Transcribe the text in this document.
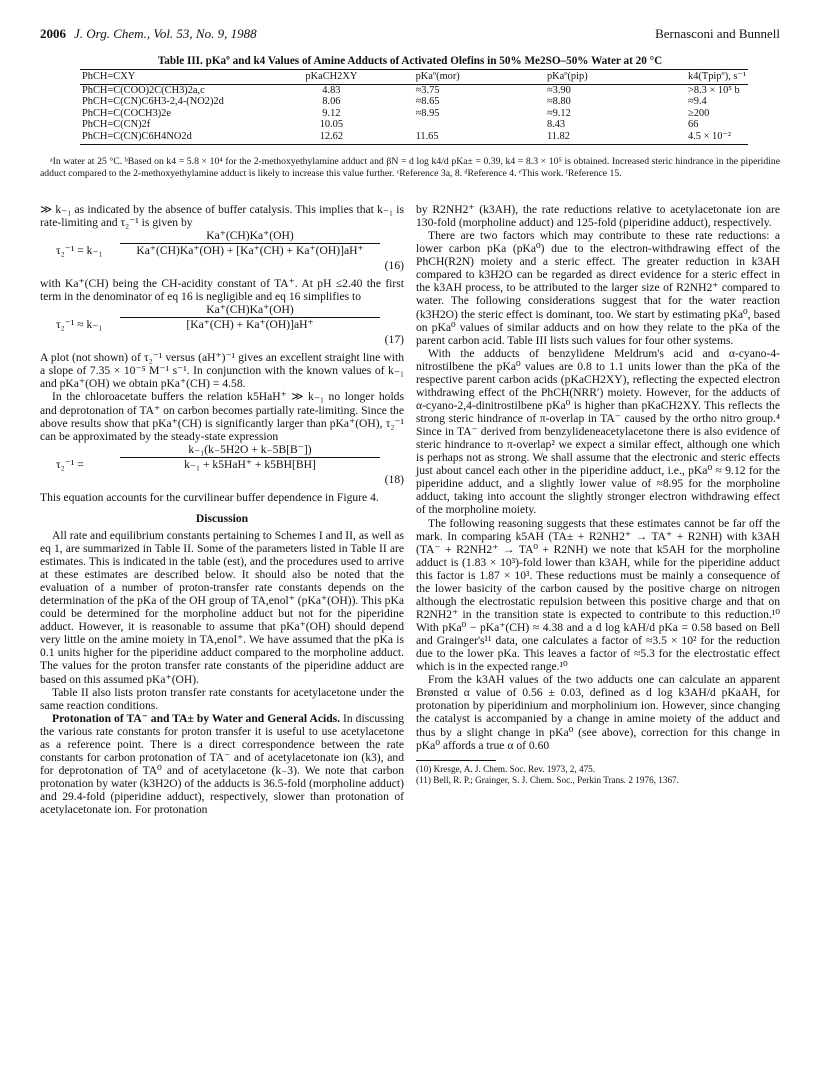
2006 J. Org. Chem., Vol. 53, No. 9, 1988	Bernasconi and Bunnell
Table III. pKaº and k4 Values of Amine Adducts of Activated Olefins in 50% Me2SO–50% Water at 20 °C
PhCH=CXY	pKaCH2XY	pKaº(mor)	pKaº(pip)	k4(Tpipº), s⁻¹
PhCH=C(COO)2C(CH3)2a,c	4.83	≈3.75	≈3.90	>8.3 × 10⁵ b
PhCH=C(CN)C6H3-2,4-(NO2)2d	8.06	≈8.65	≈8.80	≈9.4
PhCH=C(COCH3)2e	9.12	≈8.95	≈9.12	≥200
PhCH=C(CN)2f	10.05		8.43	66
PhCH=C(CN)C6H4NO2d	12.62	11.65	11.82	4.5 × 10⁻²
ᵃIn water at 25 °C. ᵇBased on k4 = 5.8 × 10⁴ for the 2-methoxyethylamine adduct and βN = d log k4/d pKa± = 0.39, k4 = 8.3 × 10⁵ is obtained. Increased steric hindrance in the piperidine adduct compared to the 2-methoxyethylamine adduct is likely to increase this value further. ᶜReference 3a, 8. ᵈReference 4. ᵉThis work. ᶠReference 15.

≫ k₋₁ as indicated by the absence of buffer catalysis. This implies that k₋₁ is rate-limiting and τ₂⁻¹ is given by

$\tau_2^{-1} = k_{-1} \frac{Ka^+(CH)Ka^+(OH)}{Ka^+(CH)Ka^+(OH) + [Ka^+(CH) + Ka^+(OH)]aH^+}$
(16)

with Ka⁺(CH) being the CH-acidity constant of TA⁺. At pH ≤2.40 the first term in the denominator of eq 16 is negligible and eq 16 simplifies to

$\tau_2^{-1} \approx k_{-1} \frac{Ka^+(CH)Ka^+(OH)}{[Ka^+(CH) + Ka^+(OH)]aH^+}$
(17)

A plot (not shown) of τ₂⁻¹ versus (aH⁺)⁻¹ gives an excellent straight line with a slope of 7.35 × 10⁻⁵ M⁻¹ s⁻¹. In conjunction with the known values of k₋₁ and pKa⁺(OH) we obtain pKa⁺(CH) = 4.58.

In the chloroacetate buffers the relation k5HaH⁺ ≫ k₋₁ no longer holds and deprotonation of TA⁺ on carbon becomes partially rate-limiting. Since the above results show that pKa⁺(CH) is significantly larger than pKa⁺(OH), τ₂⁻¹ can be approximated by the steady-state expression

τ₂⁻¹ =
k₋₁(k₋5H2O + k₋5B[B⁻])
k₋₁ + k5HaH⁺ + k5BH[BH]
(18)

This equation accounts for the curvilinear buffer dependence in Figure 4.

Discussion

All rate and equilibrium constants pertaining to Schemes I and II, as well as eq 1, are summarized in Table II. Some of the parameters listed in Table II are estimates. This is indicated in the table (est), and the procedures used to arrive at these estimates are described below. It should also be noted that the evaluation of a number of proton-transfer rate constants depends on the determination of the pKa of the OH group of TA,enol⁺ (pKa⁺(OH)). This pKa could be determined for the morpholine adduct but not for the piperidine adduct. However, it is reasonable to assume that pKa⁺(OH) should depend very little on the amine moiety in TA,enol⁺. We have assumed that the pKa is 0.1 units higher for the piperidine adduct compared to the morpholine adduct. The values for the proton transfer rate constants of the piperidine adduct are based on this assumed pKa⁺(OH).

Table II also lists proton transfer rate constants for acetylacetone under the same reaction conditions.

Protonation of TA⁻ and TA± by Water and General Acids. In discussing the various rate constants for proton transfer it is useful to use acetylacetone as a reference point. There is a direct correspondence between the rate constants for carbon protonation of TA⁻ and of acetylacetonate ion (k3), and for deprotonation of TA⁰ and of acetylacetone (k₋3). We note that carbon protonation by water (k3H2O) of the adducts is 36.5-fold (morpholine adduct) and 29.4-fold (piperidine adduct), respectively, slower than protonation of acetylacetonate ion. For protonation

by R2NH2⁺ (k3AH), the rate reductions relative to acetylacetonate ion are 130-fold (morpholine adduct) and 125-fold (piperidine adduct), respectively.

There are two factors which may contribute to these rate reductions: a lower carbon pKa (pKa⁰) due to the electron-withdrawing effect of the PhCH(R2N) moiety and a steric effect. The greater reduction in k3AH compared to k3H2O can be regarded as direct evidence for a steric effect in the k3AH process, to be attributed to the larger size of R2NH2⁺ compared to water. The following considerations suggest that for the water reaction (k3H2O) the steric effect is dominant, too. We start by estimating pKa⁰, based on pKa⁰ values of similar adducts and on how they relate to the pKa of the parent carbon acid. Table III lists such values for four other systems.

With the adducts of benzylidene Meldrum's acid and α-cyano-4-nitrostilbene the pKa⁰ values are 0.8 to 1.1 units lower than the pKa of the respective parent carbon acids (pKaCH2XY), reflecting the expected electron withdrawing effect of the PhCH(NRR′) moiety. However, for the adducts of α-cyano-2,4-dinitrostilbene pKa⁰ is higher than pKaCH2XY. This reflects the strong steric hindrance of π-overlap in TA⁻ caused by the ortho nitro group.⁴ Since in TA⁻ derived from benzylideneacetylacetone there is also evidence of steric hindrance to π-overlap² we expect a similar effect, although one which is perhaps not as strong. We shall assume that the electronic and steric effects just about cancel each other in the piperidine adduct, i.e., pKa⁰ ≈ 9.12 for the piperidine adduct, and a slightly lower value of ≈8.95 for the morpholine adduct, taking into account the slightly stronger electron withdrawing effect of the morpholine moiety.

The following reasoning suggests that these estimates cannot be far off the mark. In comparing k5AH (TA± + R2NH2⁺ → TA⁺ + R2NH) with k3AH (TA⁻ + R2NH2⁺ → TA⁰ + R2NH) we note that k5AH for the morpholine adduct is (1.83 × 10³)-fold lower than k3AH, while for the piperidine adduct this factor is 1.87 × 10³. These reductions must be mainly a consequence of the lower basicity of the carbon caused by the positive charge on nitrogen although the electrostatic repulsion between this positive charge and that on R2NH2⁺ in the transition state is expected to contribute to this reduction.¹⁰ With pKa⁰ − pKa⁺(CH) ≈ 4.38 and a d log kAH/d pKa = 0.58 based on Bell and Grainger's¹¹ data, one calculates a factor of ≈3.5 × 10² for the reduction due to the lower pKa. This leaves a factor of ≈5.3 for the electrostatic effect which is in the expected range.¹⁰

From the k3AH values of the two adducts one can calculate an apparent Brønsted α value of 0.56 ± 0.03, defined as d log k3AH/d pKaAH, for protonation by piperidinium and morpholinium ion. However, since changing the catalyst is accompanied by a change in amine moiety of the adduct and thus by a slight change in pKa⁰ (see above), correction for this change in pKa⁰ affords a true α of 0.60

(10) Kresge, A. J. Chem. Soc. Rev. 1973, 2, 475.
(11) Bell, R. P.; Grainger, S. J. Chem. Soc., Perkin Trans. 2 1976, 1367.
